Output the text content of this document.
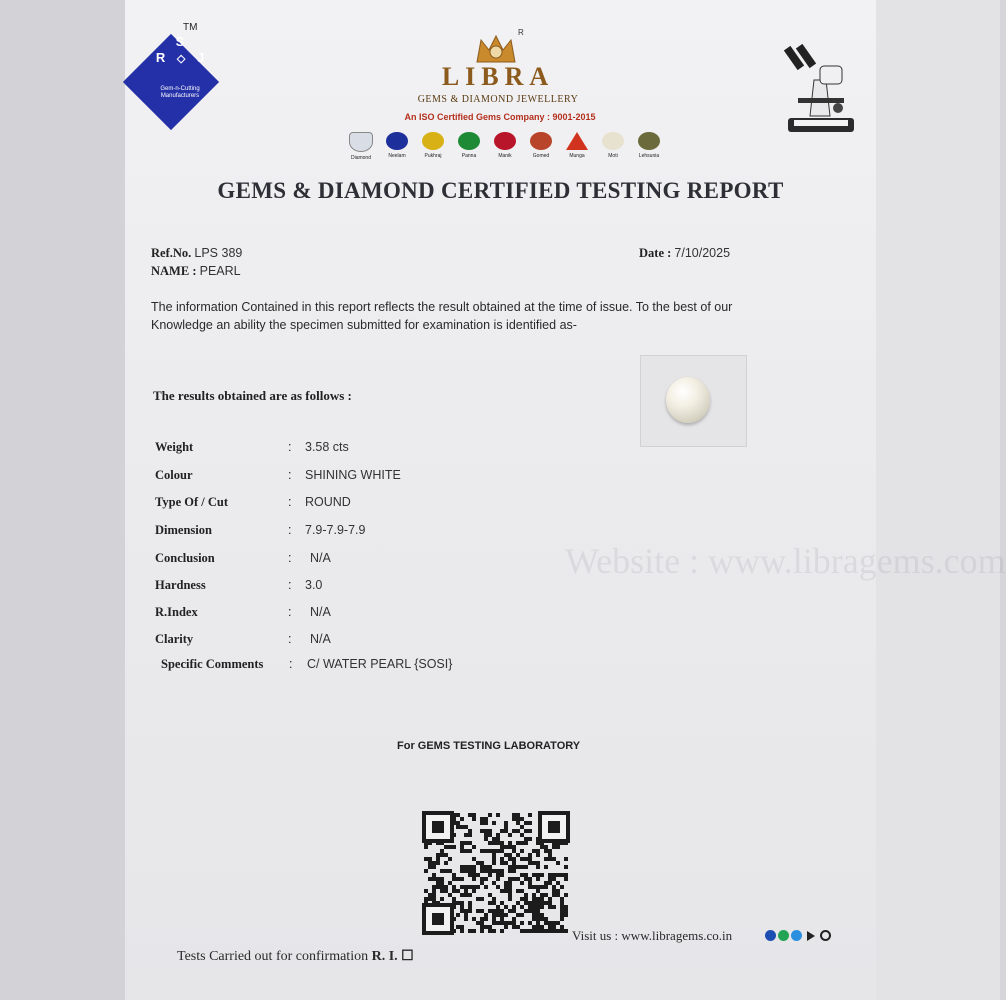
Website : www.libragems.com
TM
S
R ◇ J
Gem-n-Cutting Manufacturers
R
LIBRA
GEMS & DIAMOND JEWELLERY
An ISO Certified Gems Company : 9001-2015
Diamond	Neelam	Pukhraj	Panna	Manik	Gomed	Munga	Moti	Lehsunia
GEMS & DIAMOND CERTIFIED TESTING REPORT
Ref.No. LPS 389
NAME : PEARL
Date : 7/10/2025
The information Contained in this report reflects the result obtained at the time of issue. To the best of our Knowledge an ability the specimen submitted for examination is identified as-
The results obtained are as follows :
Weight	: 3.58 cts
Colour	: SHINING WHITE
Type Of / Cut	: ROUND
Dimension	: 7.9-7.9-7.9
Conclusion	: N/A
Hardness	: 3.0
R.Index	: N/A
Clarity	: N/A
Specific Comments	: C/ WATER PEARL {SOSI}
For GEMS TESTING LABORATORY
Visit us : www.libragems.co.in
Tests Carried out for confirmation R. I. ☐
